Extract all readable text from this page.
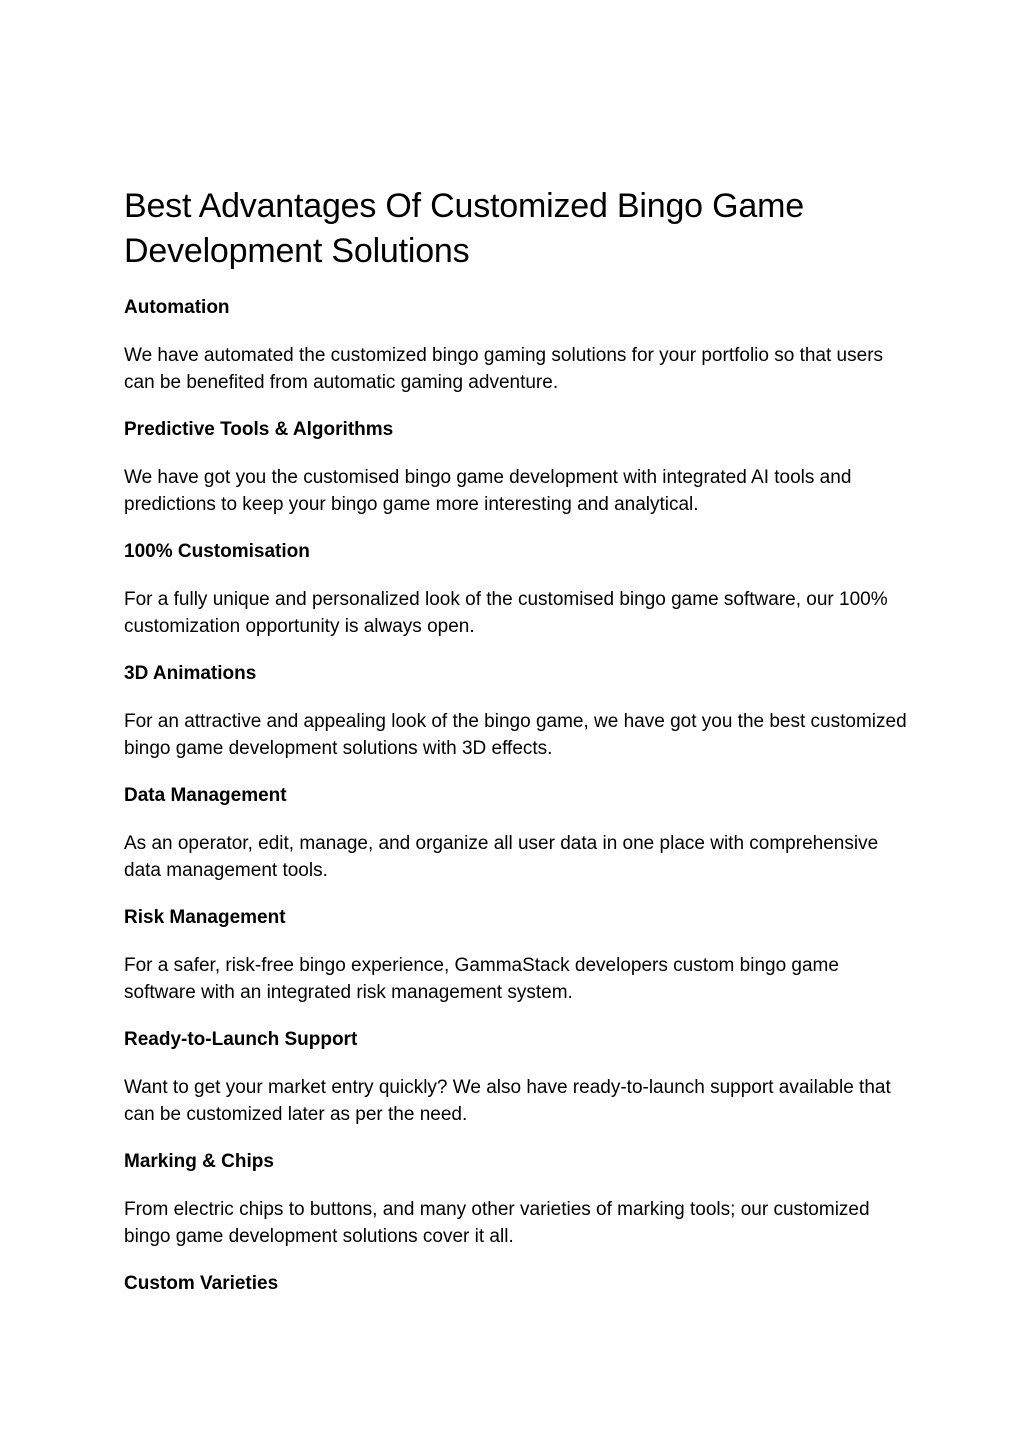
Best Advantages Of Customized Bingo Game Development Solutions
Automation

We have automated the customized bingo gaming solutions for your portfolio so that users can be benefited from automatic gaming adventure.

Predictive Tools & Algorithms

We have got you the customised bingo game development with integrated AI tools and predictions to keep your bingo game more interesting and analytical.

100% Customisation

For a fully unique and personalized look of the customised bingo game software, our 100% customization opportunity is always open.

3D Animations

For an attractive and appealing look of the bingo game, we have got you the best customized bingo game development solutions with 3D effects.

Data Management

As an operator, edit, manage, and organize all user data in one place with comprehensive data management tools.

Risk Management

For a safer, risk-free bingo experience, GammaStack developers custom bingo game software with an integrated risk management system.

Ready-to-Launch Support

Want to get your market entry quickly? We also have ready-to-launch support available that can be customized later as per the need.

Marking & Chips

From electric chips to buttons, and many other varieties of marking tools; our customized bingo game development solutions cover it all.

Custom Varieties
